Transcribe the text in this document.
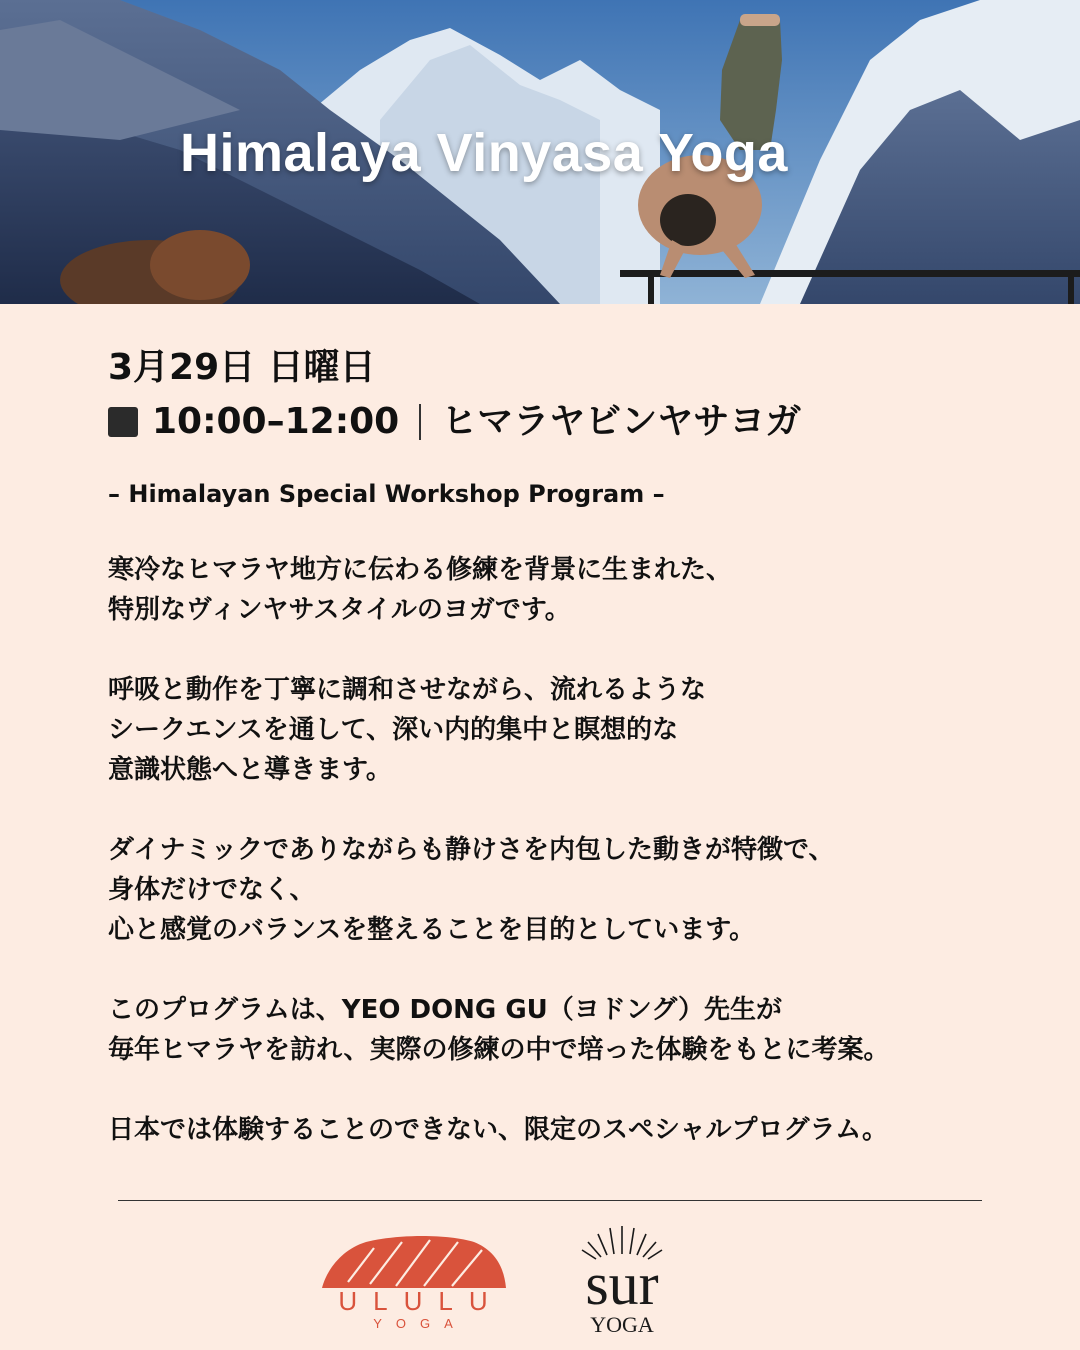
Himalaya Vinyasa Yoga

3月29日 日曜日

10:00–12:00 ヒマラヤビンヤサヨガ

– Himalayan Special Workshop Program –

寒冷なヒマラヤ地方に伝わる修練を背景に生まれた、

特別なヴィンヤサスタイルのヨガです。

呼吸と動作を丁寧に調和させながら、流れるような

シークエンスを通して、深い内的集中と瞑想的な

意識状態へと導きます。

ダイナミックでありながらも静けさを内包した動きが特徴で、

身体だけでなく、

心と感覚のバランスを整えることを目的としています。

このプログラムは、YEO DONG GU（ヨドング）先生が

毎年ヒマラヤを訪れ、実際の修練の中で培った体験をもとに考案。

日本では体験することのできない、限定のスペシャルプログラム。

ULULU
YOGA
sur
YOGA
